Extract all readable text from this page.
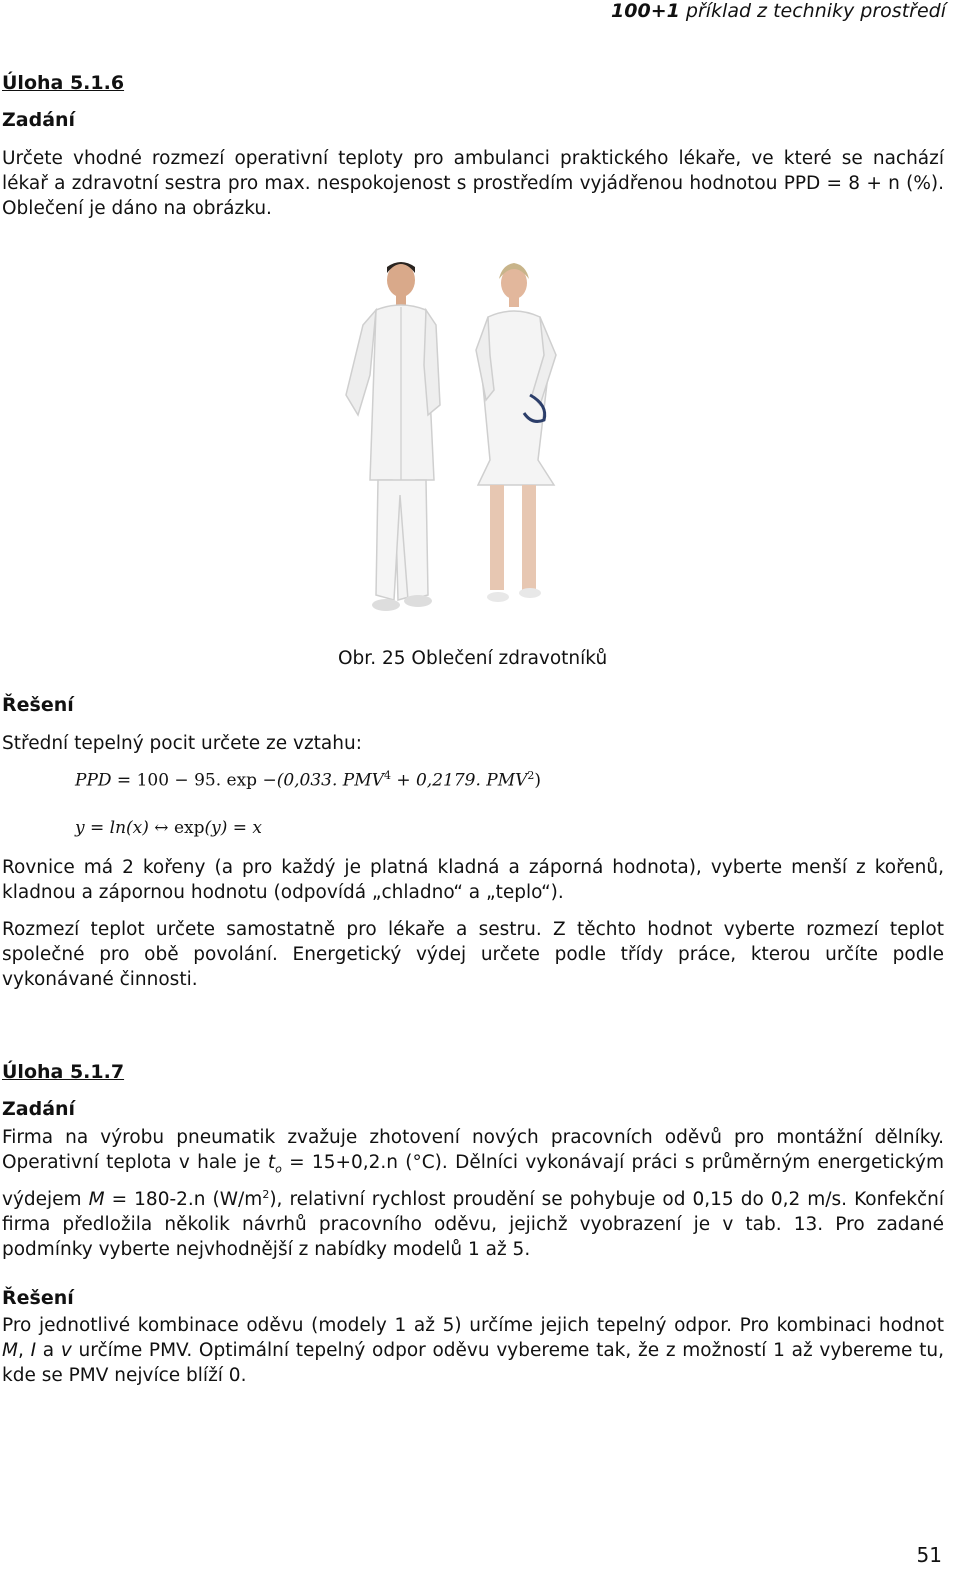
100+1 příklad z techniky prostředí
Úloha 5.1.6
Zadání
Určete vhodné rozmezí operativní teploty pro ambulanci praktického lékaře, ve které se nachází lékař a zdravotní sestra pro max. nespokojenost s prostředím vyjádřenou hodnotou PPD = 8 + n (%). Oblečení je dáno na obrázku.
Obr. 25 Oblečení zdravotníků
Řešení
Střední tepelný pocit určete ze vztahu:
PPD = 100 − 95. exp −(0,033. $PMV^4 + 0,2179$. PMV$^2$)
y = ln(x) ↔ exp(y) = x
Rovnice má 2 kořeny (a pro každý je platná kladná a záporná hodnota), vyberte menší z kořenů, kladnou a zápornou hodnotu (odpovídá „chladno“ a „teplo“).
Rozmezí teplot určete samostatně pro lékaře a sestru. Z těchto hodnot vyberte rozmezí teplot společné pro obě povolání. Energetický výdej určete podle třídy práce, kterou určíte podle vykonávané činnosti.
Úloha 5.1.7
Zadání
Firma na výrobu pneumatik zvažuje zhotovení nových pracovních oděvů pro montážní dělníky. Operativní teplota v hale je $t_o = 15+0,2.n$ (°C). Dělníci vykonávají práci s průměrným energetickým výdejem M = 180-2.n $(W/m^2)$, relativní rychlost proudění se pohybuje od 0,15 do 0,2 m/s. Konfekční firma předložila několik návrhů pracovního oděvu, jejichž vyobrazení je v tab. 13. Pro zadané podmínky vyberte nejvhodnější z nabídky modelů 1 až 5.
Řešení
Pro jednotlivé kombinace oděvu (modely 1 až 5) určíme jejich tepelný odpor. Pro kombinaci hodnot M, I a v určíme PMV. Optimální tepelný odpor oděvu vybereme tak, že z možností 1 až vybereme tu, kde se PMV nejvíce blíží 0.
51
